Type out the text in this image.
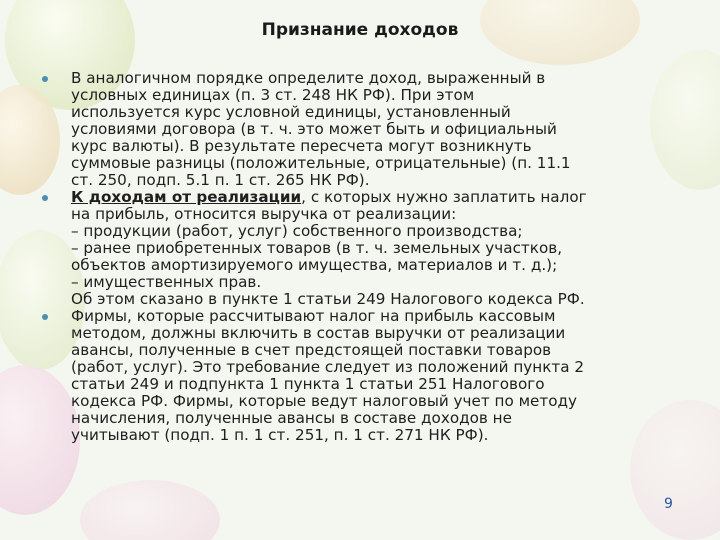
Признание доходов
В аналогичном порядке определите доход, выраженный в
условных единицах (п. 3 ст. 248 НК РФ). При этом
используется курс условной единицы, установленный
условиями договора (в т. ч. это может быть и официальный
курс валюты). В результате пересчета могут возникнуть
суммовые разницы (положительные, отрицательные) (п. 11.1
ст. 250, подп. 5.1 п. 1 ст. 265 НК РФ).
К доходам от реализации, с которых нужно заплатить налог
на прибыль, относится выручка от реализации:
– продукции (работ, услуг) собственного производства;
– ранее приобретенных товаров (в т. ч. земельных участков,
объектов амортизируемого имущества, материалов и т. д.);
– имущественных прав.
Об этом сказано в пункте 1 статьи 249 Налогового кодекса РФ.
Фирмы, которые рассчитывают налог на прибыль кассовым
методом, должны включить в состав выручки от реализации
авансы, полученные в счет предстоящей поставки товаров
(работ, услуг). Это требование следует из положений пункта 2
статьи 249 и подпункта 1 пункта 1 статьи 251 Налогового
кодекса РФ. Фирмы, которые ведут налоговый учет по методу
начисления, полученные авансы в составе доходов не
учитывают (подп. 1 п. 1 ст. 251, п. 1 ст. 271 НК РФ).
9
